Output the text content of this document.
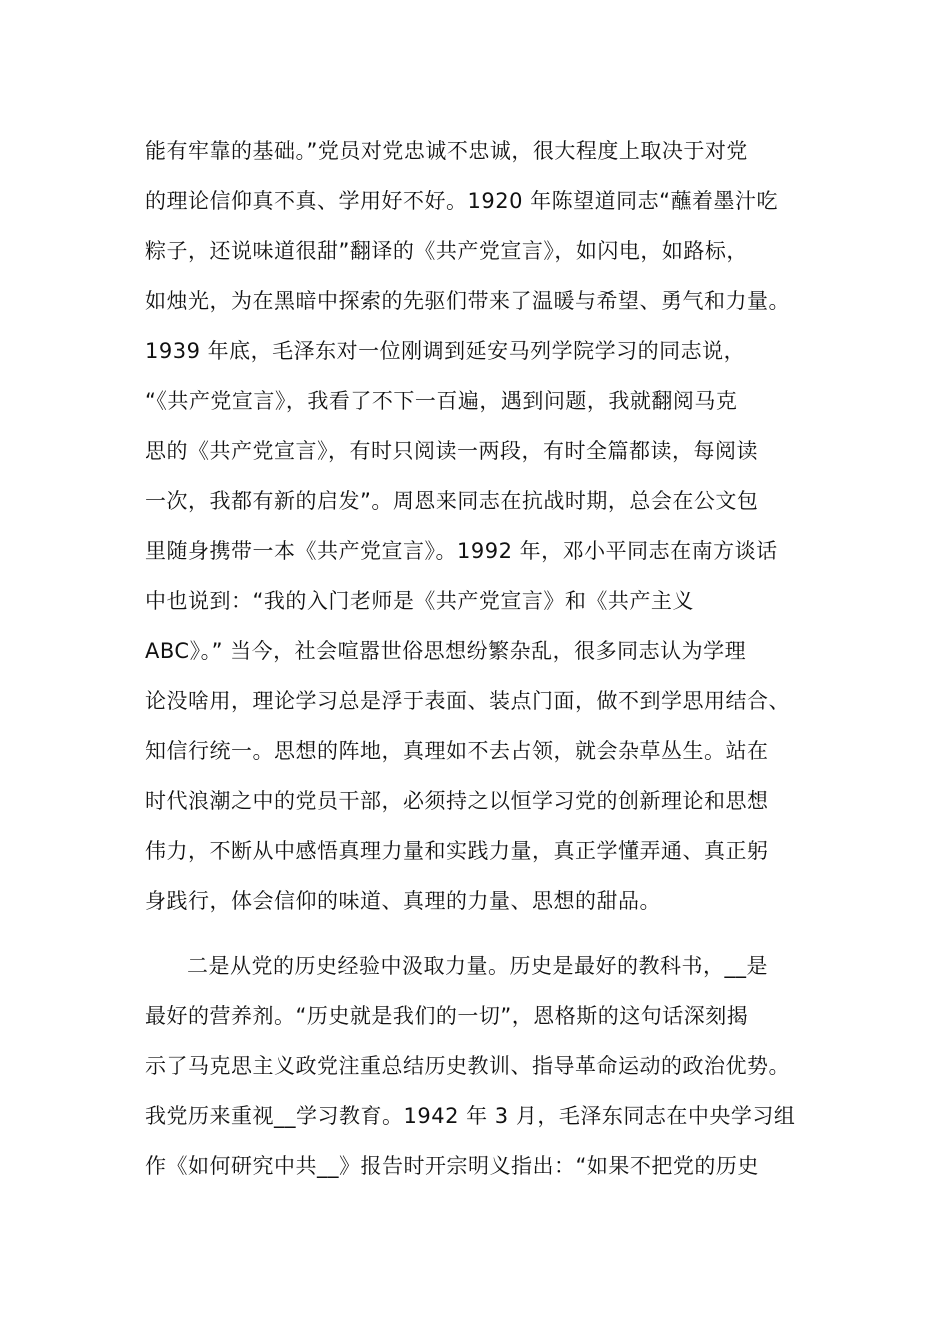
能有牢靠的基础。”党员对党忠诚不忠诚，很大程度上取决于对党
的理论信仰真不真、学用好不好。1920 年陈望道同志“蘸着墨汁吃
粽子，还说味道很甜”翻译的《共产党宣言》，如闪电，如路标，
如烛光，为在黑暗中探索的先驱们带来了温暖与希望、勇气和力量。
1939 年底，毛泽东对一位刚调到延安马列学院学习的同志说，
“《共产党宣言》，我看了不下一百遍，遇到问题，我就翻阅马克
思的《共产党宣言》，有时只阅读一两段，有时全篇都读，每阅读
一次，我都有新的启发”。周恩来同志在抗战时期，总会在公文包
里随身携带一本《共产党宣言》。1992 年，邓小平同志在南方谈话
中也说到：“我的入门老师是《共产党宣言》和《共产主义
ABC》。” 当今，社会喧嚣世俗思想纷繁杂乱，很多同志认为学理
论没啥用，理论学习总是浮于表面、装点门面，做不到学思用结合、
知信行统一。思想的阵地，真理如不去占领，就会杂草丛生。站在
时代浪潮之中的党员干部，必须持之以恒学习党的创新理论和思想
伟力，不断从中感悟真理力量和实践力量，真正学懂弄通、真正躬
身践行，体会信仰的味道、真理的力量、思想的甜品。
二是从党的历史经验中汲取力量。历史是最好的教科书，__是
最好的营养剂。“历史就是我们的一切”，恩格斯的这句话深刻揭
示了马克思主义政党注重总结历史教训、指导革命运动的政治优势。
我党历来重视__学习教育。1942 年 3 月，毛泽东同志在中央学习组
作《如何研究中共__》报告时开宗明义指出：“如果不把党的历史
